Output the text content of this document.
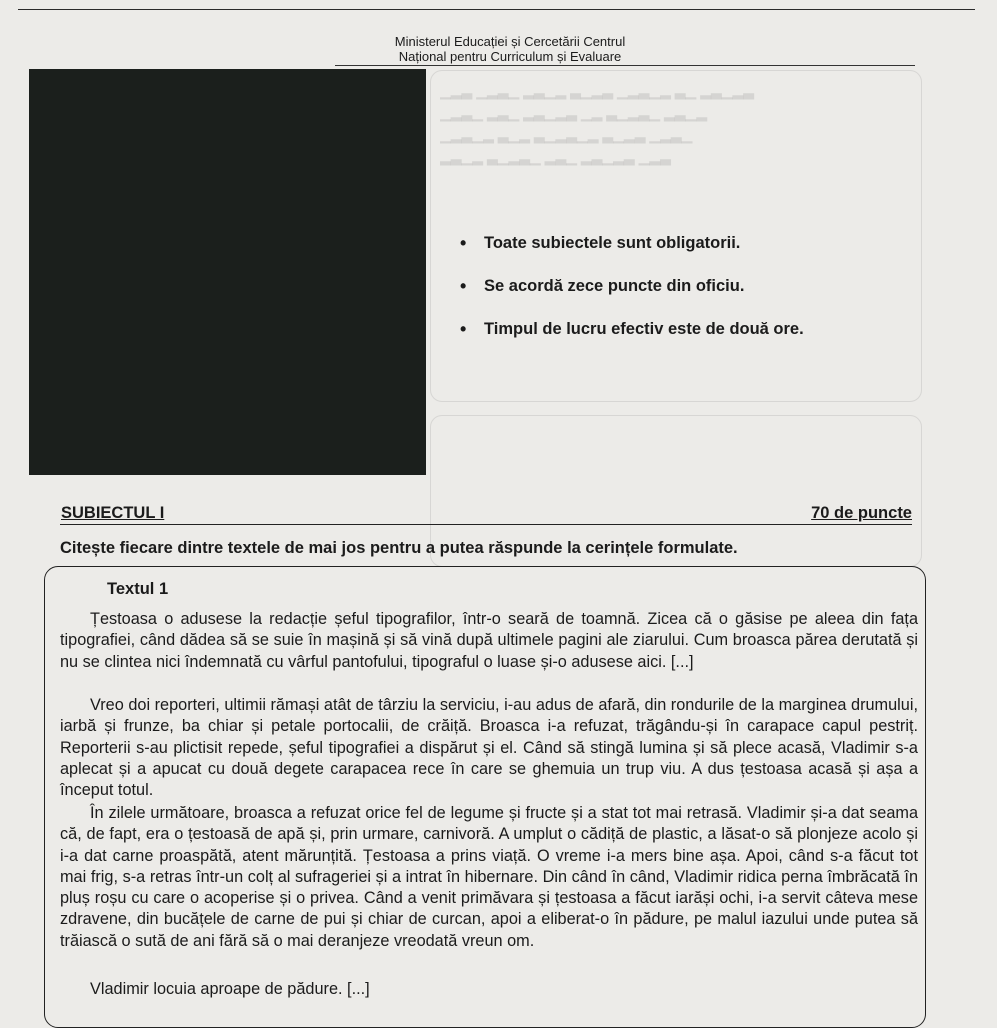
▁▂▃ ▁▂▃▁ ▂▃▁▂ ▃▁▂▃ ▁▂▃▁▂ ▃▁ ▂▃▁▂▃
▁▂▃▁ ▂▃▁ ▂▃▁▂▃ ▁▂ ▃▁▂▃▁ ▂▃▁▂
▁▂▃▁▂ ▃▁▂ ▃▁▂▃▁▂ ▃▁▂▃ ▁▂▃▁
▂▃▁▂ ▃▁▂▃▁ ▂▃▁ ▂▃▁▂▃ ▁▂▃
Ministerul Educației și Cercetării Centrul
Național pentru Curriculum și Evaluare
• Toate subiectele sunt obligatorii.
• Se acordă zece puncte din oficiu.
• Timpul de lucru efectiv este de două ore.
SUBIECTUL I	70 de puncte
Citește fiecare dintre textele de mai jos pentru a putea răspunde la cerințele formulate.
Textul 1

Țestoasa o adusese la redacție șeful tipografilor, într-o seară de toamnă. Zicea că o găsise pe aleea din fața tipografiei, când dădea să se suie în mașină și să vină după ultimele pagini ale ziarului. Cum broasca părea derutată și nu se clintea nici îndemnată cu vârful pantofului, tipograful o luase și-o adusese aici. [...]

Vreo doi reporteri, ultimii rămași atât de târziu la serviciu, i-au adus de afară, din rondurile de la marginea drumului, iarbă și frunze, ba chiar și petale portocalii, de crăiță. Broasca i-a refuzat, trăgându-și în carapace capul pestriț. Reporterii s-au plictisit repede, șeful tipografiei a dispărut și el. Când să stingă lumina și să plece acasă, Vladimir s-a aplecat și a apucat cu două degete carapacea rece în care se ghemuia un trup viu. A dus țestoasa acasă și așa a început totul.

În zilele următoare, broasca a refuzat orice fel de legume și fructe și a stat tot mai retrasă. Vladimir și-a dat seama că, de fapt, era o țestoasă de apă și, prin urmare, carnivoră. A umplut o cădiță de plastic, a lăsat-o să plonjeze acolo și i-a dat carne proaspătă, atent mărunțită. Țestoasa a prins viață. O vreme i-a mers bine așa. Apoi, când s-a făcut tot mai frig, s-a retras într-un colț al sufrageriei și a intrat în hibernare. Din când în când, Vladimir ridica perna îmbrăcată în pluș roșu cu care o acoperise și o privea. Când a venit primăvara și țestoasa a făcut iarăși ochi, i-a servit câteva mese zdravene, din bucățele de carne de pui și chiar de curcan, apoi a eliberat-o în pădure, pe malul iazului unde putea să trăiască o sută de ani fără să o mai deranjeze vreodată vreun om.

Vladimir locuia aproape de pădure. [...]
